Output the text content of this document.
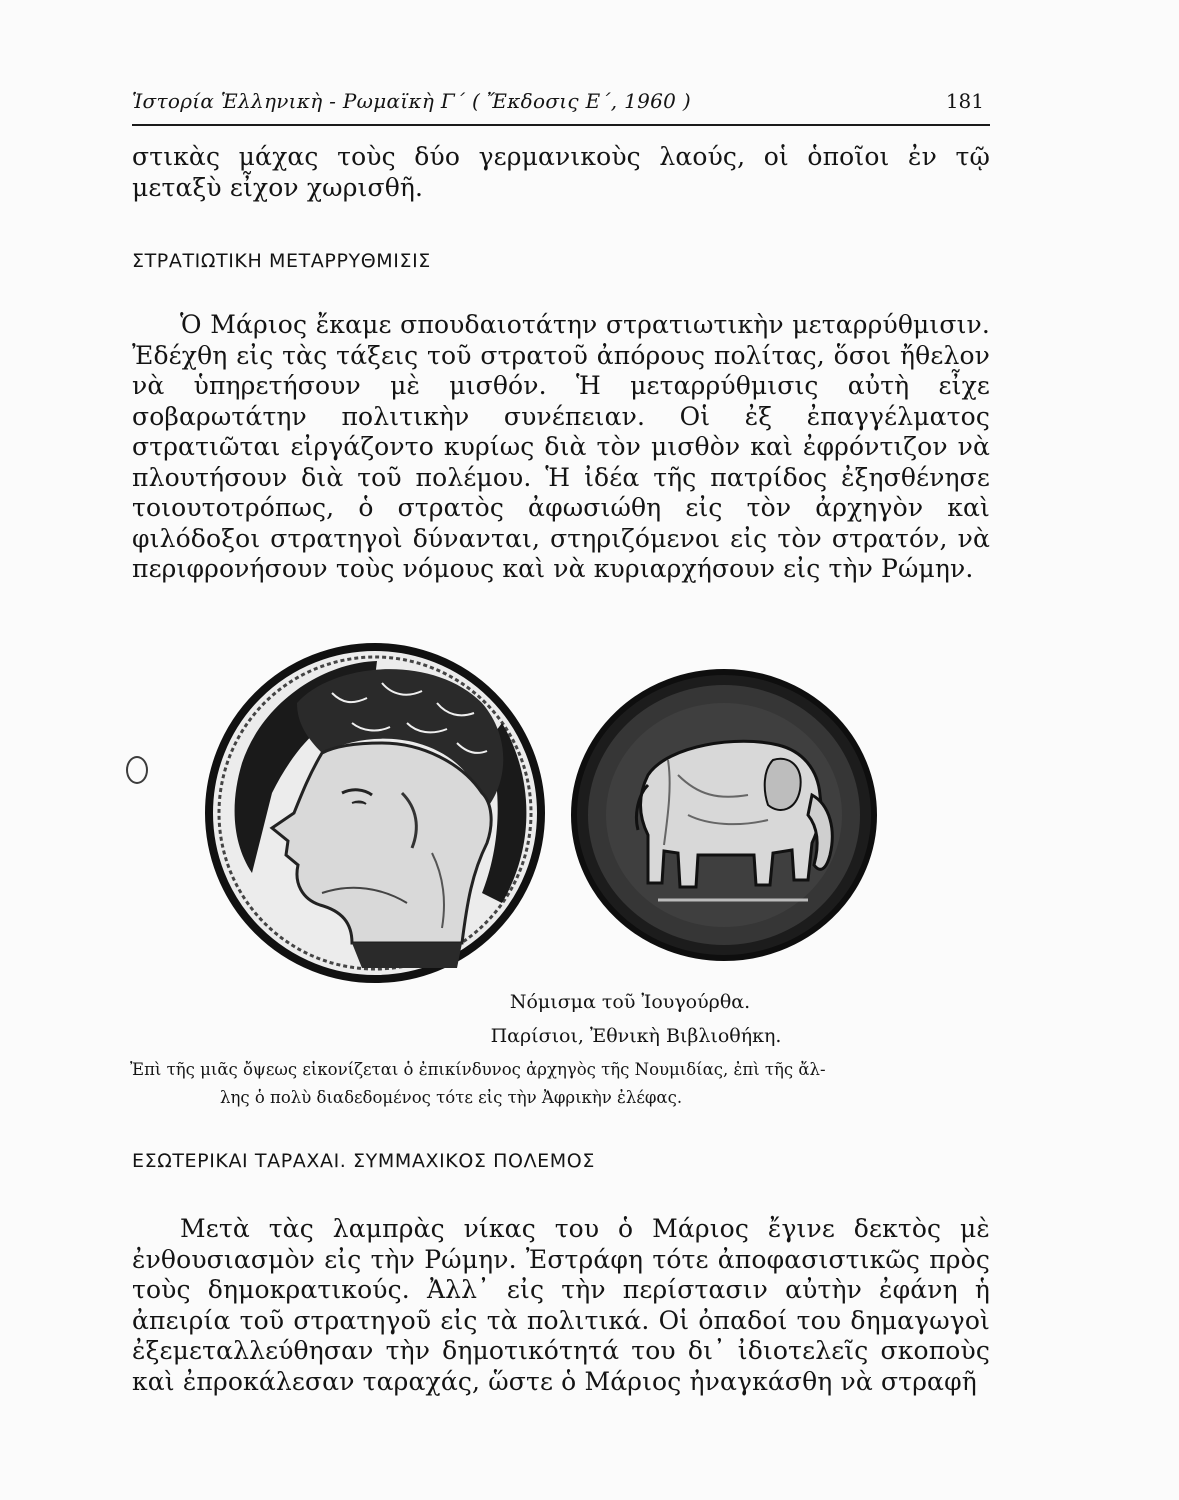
Ἱστορία Ἑλληνικὴ - Ρωμαϊκὴ Γ΄ ( Ἔκδοσις Ε΄, 1960 )	181

στικὰς μάχας τοὺς δύο γερμανικοὺς λαούς, οἱ ὁποῖοι ἐν τῷ μεταξὺ εἶχον χωρισθῆ.

ΣΤΡΑΤΙΩΤΙΚΗ ΜΕΤΑΡΡΥΘΜΙΣΙΣ

Ὁ Μάριος ἔκαμε σπουδαιοτάτην στρατιωτικὴν μεταρρύθμισιν. Ἐδέχθη εἰς τὰς τάξεις τοῦ στρατοῦ ἀπόρους πολίτας, ὅσοι ἤθελον νὰ ὑπηρετήσουν μὲ μισθόν. Ἡ μεταρρύθμισις αὐτὴ εἶχε σοβαρωτάτην πολιτικὴν συνέπειαν. Οἱ ἐξ ἐπαγγέλματος στρατιῶται εἰργάζοντο κυρίως διὰ τὸν μισθὸν καὶ ἐφρόντιζον νὰ πλουτήσουν διὰ τοῦ πολέμου. Ἡ ἰδέα τῆς πατρίδος ἐξησθένησε τοιουτοτρόπως, ὁ στρατὸς ἀφωσιώθη εἰς τὸν ἀρχηγὸν καὶ φιλόδοξοι στρατηγοὶ δύνανται, στηριζόμενοι εἰς τὸν στρατόν, νὰ περιφρονήσουν τοὺς νόμους καὶ νὰ κυριαρχήσουν εἰς τὴν Ρώμην.

Νόμισμα τοῦ Ἰουγούρθα.
Παρίσιοι, Ἐθνικὴ Βιβλιοθήκη.
Ἐπὶ τῆς μιᾶς ὄψεως εἰκονίζεται ὁ ἐπικίνδυνος ἀρχηγὸς τῆς Νουμιδίας, ἐπὶ τῆς ἄλ-
λης ὁ πολὺ διαδεδομένος τότε εἰς τὴν Ἀφρικὴν ἐλέφας.
ΕΣΩΤΕΡΙΚΑΙ ΤΑΡΑΧΑΙ. ΣΥΜΜΑΧΙΚΟΣ ΠΟΛΕΜΟΣ

Μετὰ τὰς λαμπρὰς νίκας του ὁ Μάριος ἔγινε δεκτὸς μὲ ἐνθουσιασμὸν εἰς τὴν Ρώμην. Ἐστράφη τότε ἀποφασιστικῶς πρὸς τοὺς δημοκρατικούς. Ἀλλ᾽ εἰς τὴν περίστασιν αὐτὴν ἐφάνη ἡ ἀπειρία τοῦ στρατηγοῦ εἰς τὰ πολιτικά. Οἱ ὀπαδοί του δημαγωγοὶ ἐξεμεταλλεύθησαν τὴν δημοτικότητά του δι᾽ ἰδιοτελεῖς σκοποὺς καὶ ἐπροκάλεσαν ταραχάς, ὥστε ὁ Μάριος ἠναγκάσθη νὰ στραφῆ
